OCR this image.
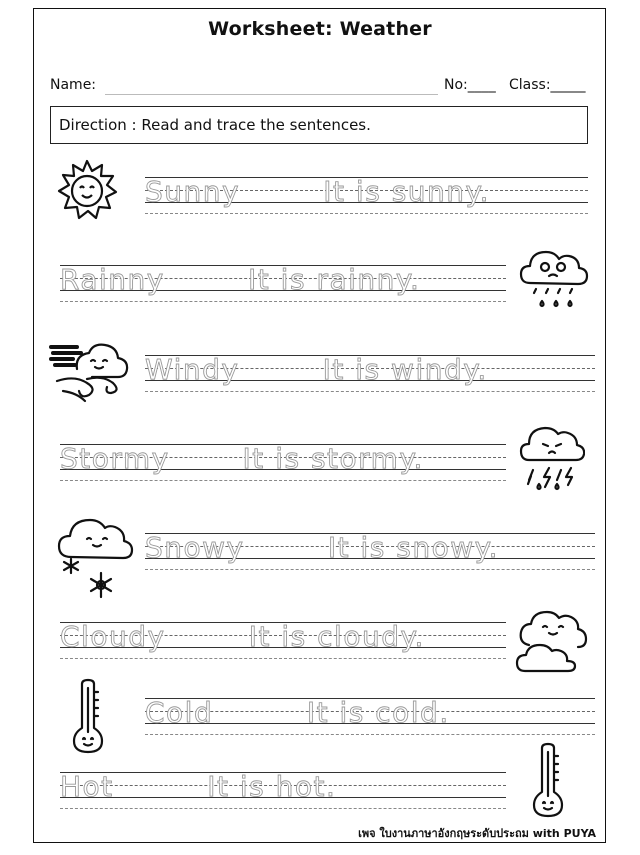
Worksheet: Weather
Name:	No:____ Class:_____
Direction : Read and trace the sentences.
Sunny        It is sunny.
Rainny        It is rainny.
Windy        It is windy.
Stormy       It is stormy.
Snowy        It is snowy.
Cloudy        It is cloudy.
Cold         It is cold.
Hot         It is hot.
เพจ ใบงานภาษาอังกฤษระดับประถม with PUYA
